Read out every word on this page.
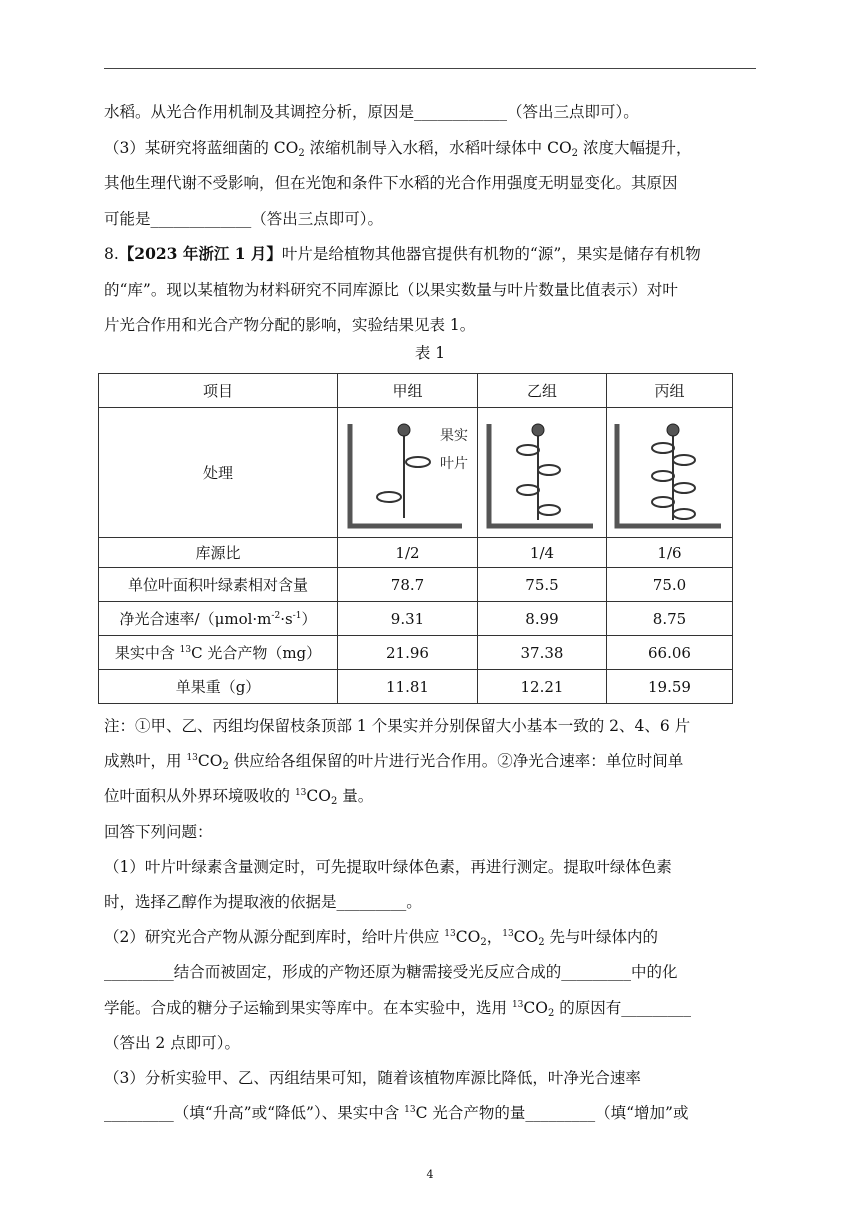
水稻。从光合作用机制及其调控分析，原因是____________（答出三点即可）。
（3）某研究将蓝细菌的 $CO_2$ 浓缩机制导入水稻，水稻叶绿体中 $CO_2$ 浓度大幅提升，
其他生理代谢不受影响，但在光饱和条件下水稻的光合作用强度无明显变化。其原因
可能是_____________（答出三点即可）。
8.【2023 年浙江 1 月】叶片是给植物其他器官提供有机物的“源”，果实是储存有机物
的“库”。现以某植物为材料研究不同库源比（以果实数量与叶片数量比值表示）对叶
片光合作用和光合产物分配的影响，实验结果见表 1。
表 1
项目	甲组	乙组	丙组
处理	果实
叶片

库源比	1/2	1/4	1/6
单位叶面积叶绿素相对含量	78.7	75.5	75.0
净光合速率$/(\mu mol\cdot m^{-2}\cdot s^{-1})$	9.31	8.99	8.75
果实中含 $^{13}$C 光合产物（mg）	21.96	37.38	66.06
单果重（g）	11.81	12.21	19.59
注：①甲、乙、丙组均保留枝条顶部 1 个果实并分别保留大小基本一致的 2、4、6 片
成熟叶，用 $^{13}CO_2$ 供应给各组保留的叶片进行光合作用。②净光合速率：单位时间单
位叶面积从外界环境吸收的 $^{13}CO_2$ 量。
回答下列问题：
（1）叶片叶绿素含量测定时，可先提取叶绿体色素，再进行测定。提取叶绿体色素
时，选择乙醇作为提取液的依据是_________。
（2）研究光合产物从源分配到库时，给叶片供应 $^{13}CO_2$，$^{13}CO_2$ 先与叶绿体内的
_________结合而被固定，形成的产物还原为糖需接受光反应合成的_________中的化
学能。合成的糖分子运输到果实等库中。在本实验中，选用 $^{13}CO_2$ 的原因有_________
（答出 2 点即可）。
（3）分析实验甲、乙、丙组结果可知，随着该植物库源比降低，叶净光合速率
_________（填“升高”或“降低”）、果实中含 $^{13}$C 光合产物的量_________（填“增加”或
4
